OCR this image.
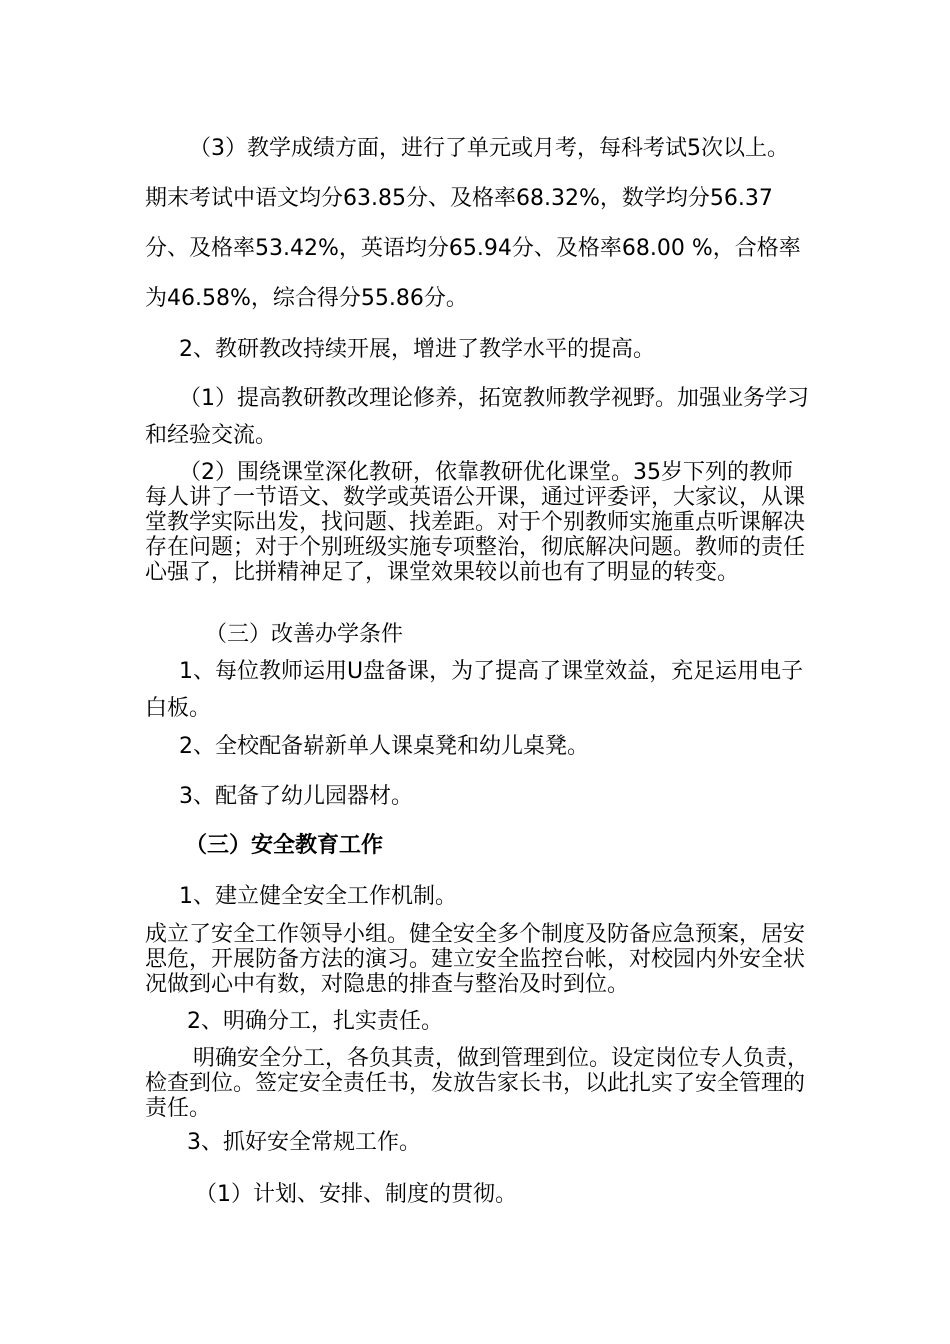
（3）教学成绩方面，进行了单元或月考，每科考试5次以上。期末考试中语文均分63.85分、及格率68.32%，数学均分56.37分、及格率53.42%，英语均分65.94分、及格率68.00 %，合格率为46.58%，综合得分55.86分。

2、教研教改持续开展，增进了教学水平的提高。

（1）提高教研教改理论修养，拓宽教师教学视野。加强业务学习和经验交流。

（2）围绕课堂深化教研，依靠教研优化课堂。35岁下列的教师每人讲了一节语文、数学或英语公开课，通过评委评，大家议，从课堂教学实际出发，找问题、找差距。对于个别教师实施重点听课解决存在问题；对于个别班级实施专项整治，彻底解决问题。教师的责任心强了，比拼精神足了，课堂效果较以前也有了明显的转变。

（三）改善办学条件

1、每位教师运用U盘备课，为了提高了课堂效益，充足运用电子白板。

2、全校配备崭新单人课桌凳和幼儿桌凳。

3、配备了幼儿园器材。

（三）安全教育工作

1、建立健全安全工作机制。

成立了安全工作领导小组。健全安全多个制度及防备应急预案，居安思危，开展防备方法的演习。建立安全监控台帐，对校园内外安全状况做到心中有数，对隐患的排查与整治及时到位。

2、明确分工，扎实责任。

明确安全分工，各负其责，做到管理到位。设定岗位专人负责，检查到位。签定安全责任书，发放告家长书，以此扎实了安全管理的责任。

3、抓好安全常规工作。

（1）计划、安排、制度的贯彻。
